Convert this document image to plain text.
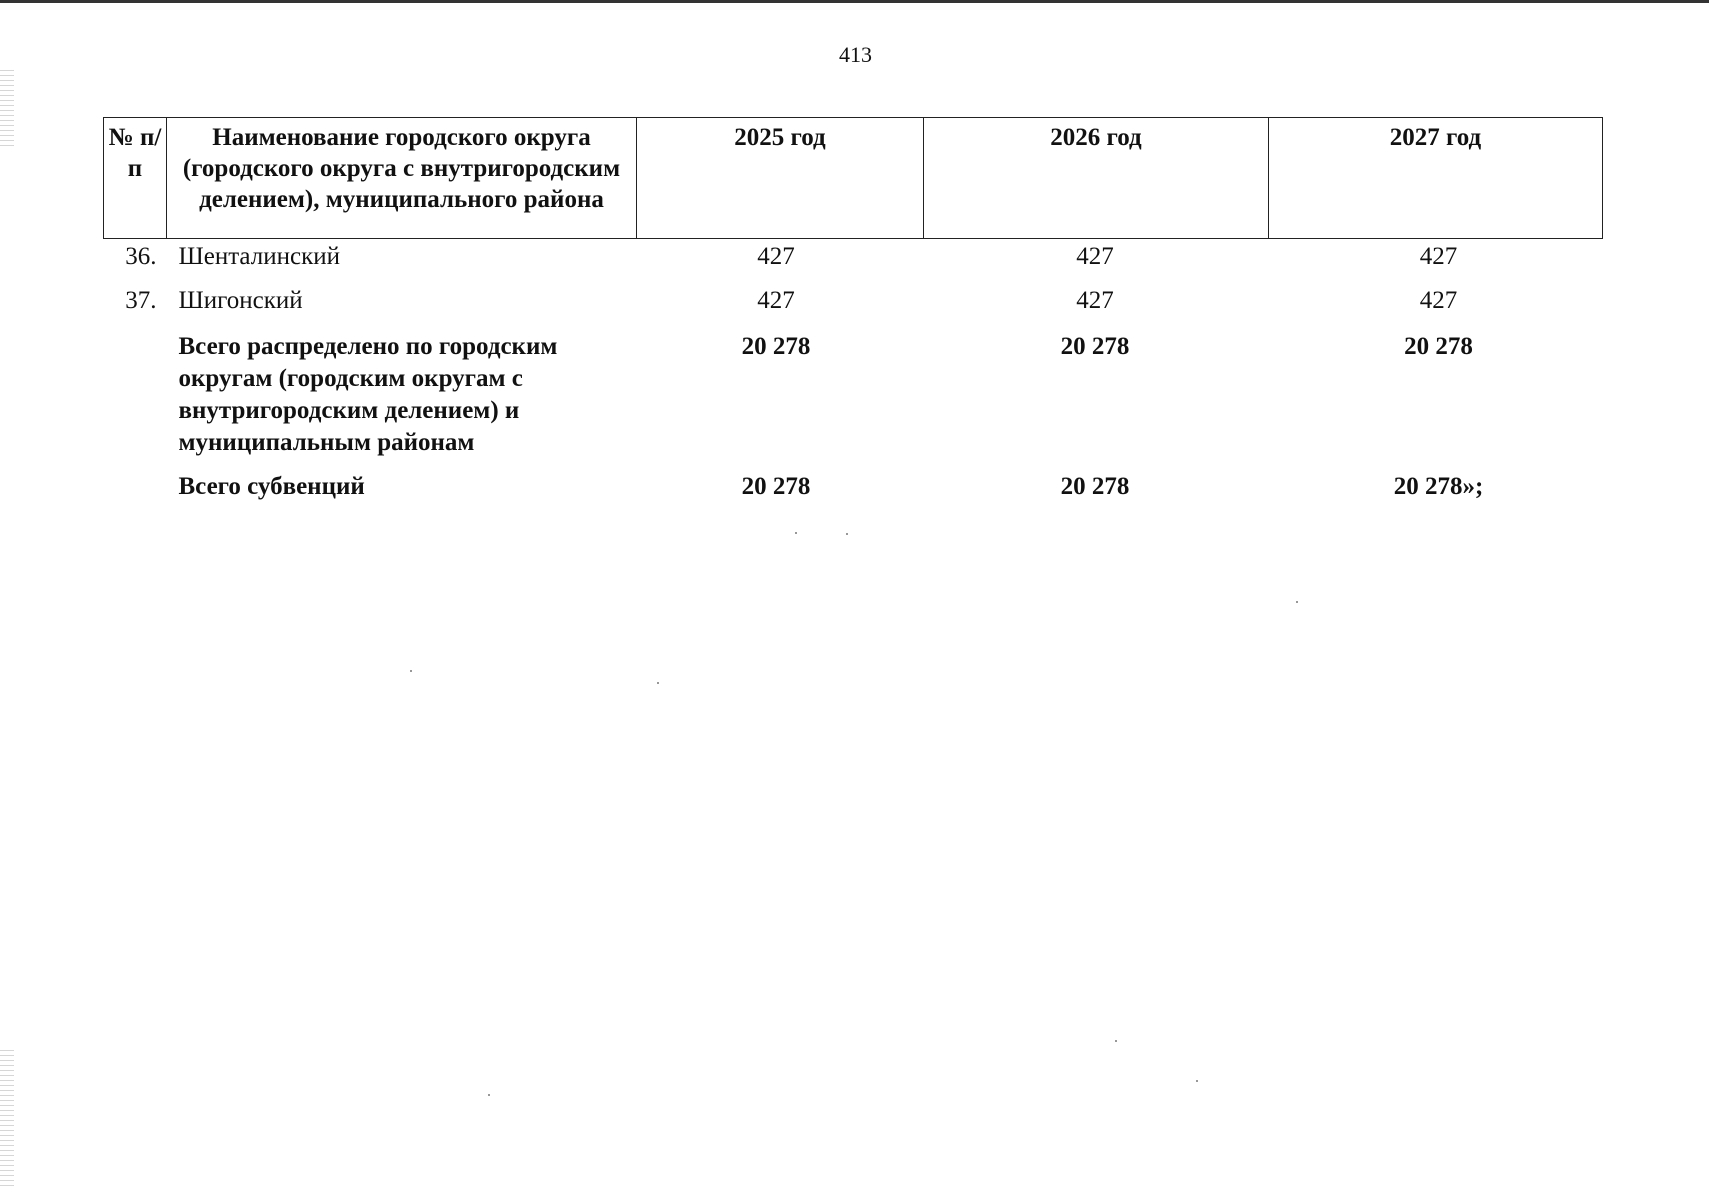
413
№ п/п	Наименование городского округа (городского округа с внутригородским делением), муниципального района	2025 год	2026 год	2027 год
36.	Шенталинский	427	427	427
37.	Шигонский	427	427	427
	Всего распределено по городским округам (городским округам с внутригородским делением) и муниципальным районам	20 278	20 278	20 278
	Всего субвенций	20 278	20 278	20 278»;
